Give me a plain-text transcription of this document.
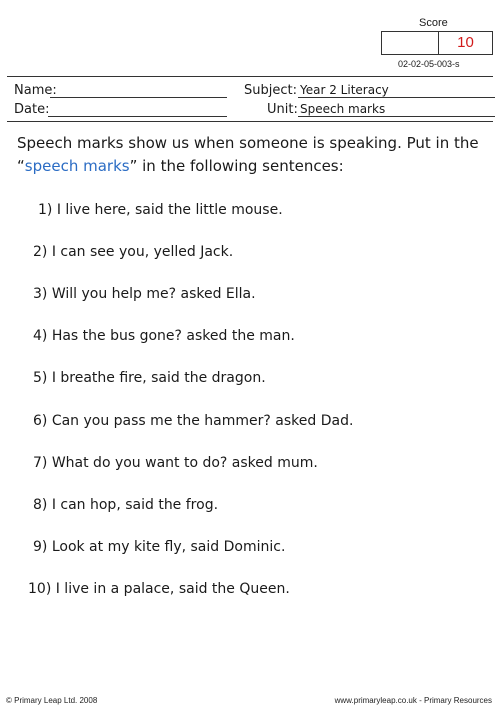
Score
10
02-02-05-003-s
Name:
Date:
Subject: Year 2 Literacy
Unit: Speech marks
Speech marks show us when someone is speaking. Put in the
“speech marks” in the following sentences:
1) I live here, said the little mouse.
2) I can see you, yelled Jack.
3) Will you help me? asked Ella.
4) Has the bus gone? asked the man.
5) I breathe fire, said the dragon.
6) Can you pass me the hammer? asked Dad.
7) What do you want to do? asked mum.
8) I can hop, said the frog.
9) Look at my kite fly, said Dominic.
10) I live in a palace, said the Queen.
© Primary Leap Ltd. 2008	www.primaryleap.co.uk - Primary Resources
